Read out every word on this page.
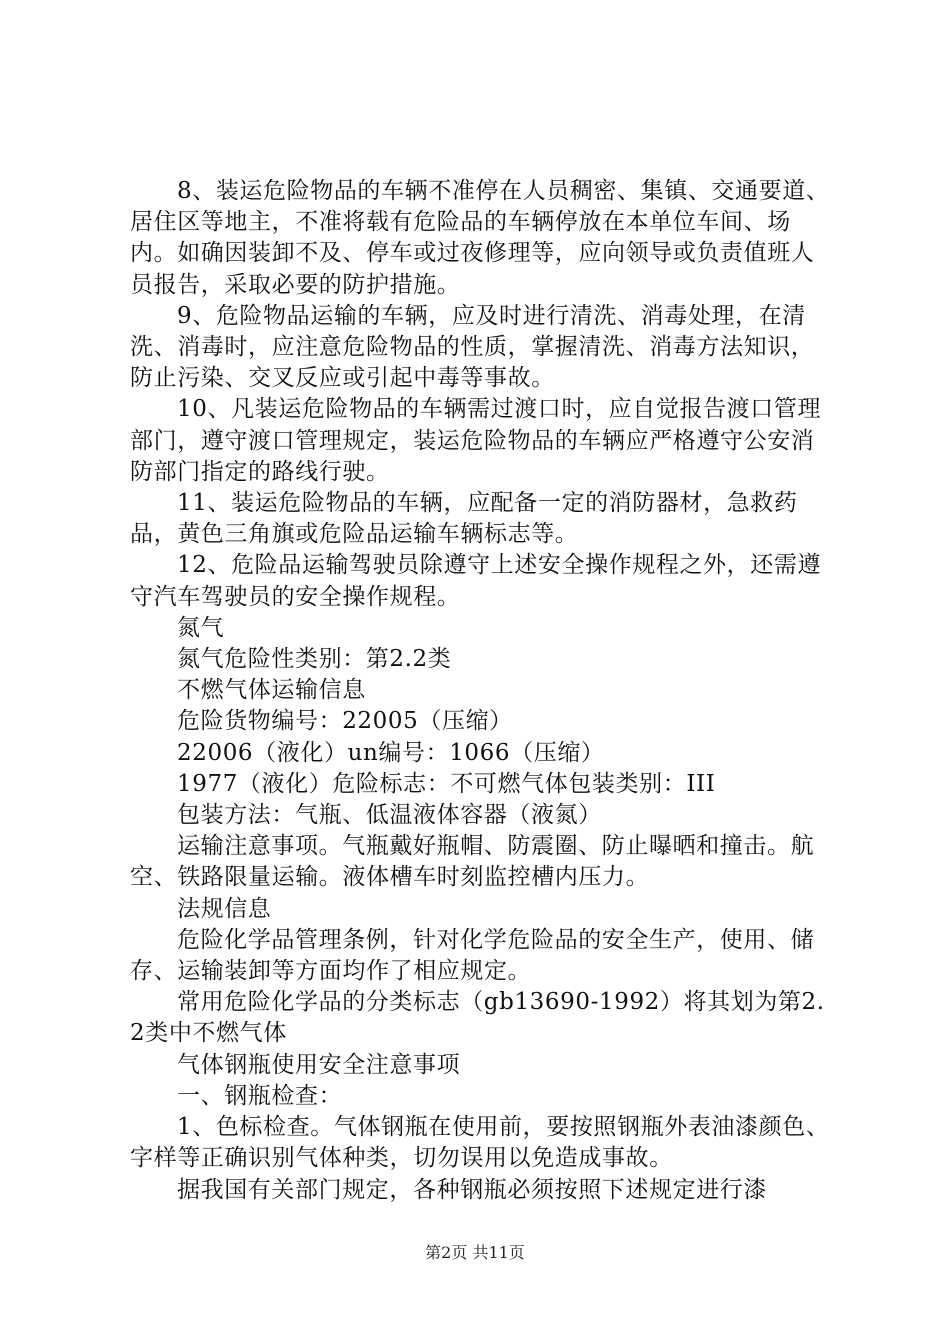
8、装运危险物品的车辆不准停在人员稠密、集镇、交通要道、居住区等地主，不准将载有危险品的车辆停放在本单位车间、场内。如确因装卸不及、停车或过夜修理等，应向领导或负责值班人员报告，采取必要的防护措施。

9、危险物品运输的车辆，应及时进行清洗、消毒处理，在清洗、消毒时，应注意危险物品的性质，掌握清洗、消毒方法知识，防止污染、交叉反应或引起中毒等事故。

10、凡装运危险物品的车辆需过渡口时，应自觉报告渡口管理部门，遵守渡口管理规定，装运危险物品的车辆应严格遵守公安消防部门指定的路线行驶。

11、装运危险物品的车辆，应配备一定的消防器材，急救药品，黄色三角旗或危险品运输车辆标志等。

12、危险品运输驾驶员除遵守上述安全操作规程之外，还需遵守汽车驾驶员的安全操作规程。

氮气

氮气危险性类别：第2.2类

不燃气体运输信息

危险货物编号：22005（压缩）

22006（液化）un编号：1066（压缩）

1977（液化）危险标志：不可燃气体包装类别：III

包装方法：气瓶、低温液体容器（液氮）

运输注意事项。气瓶戴好瓶帽、防震圈、防止曝晒和撞击。航空、铁路限量运输。液体槽车时刻监控槽内压力。

法规信息

危险化学品管理条例，针对化学危险品的安全生产，使用、储存、运输装卸等方面均作了相应规定。

常用危险化学品的分类标志（gb13690-1992）将其划为第2.2类中不燃气体

气体钢瓶使用安全注意事项

一、钢瓶检查：

1、色标检查。气体钢瓶在使用前，要按照钢瓶外表油漆颜色、字样等正确识别气体种类，切勿误用以免造成事故。

据我国有关部门规定，各种钢瓶必须按照下述规定进行漆

第2页 共11页
